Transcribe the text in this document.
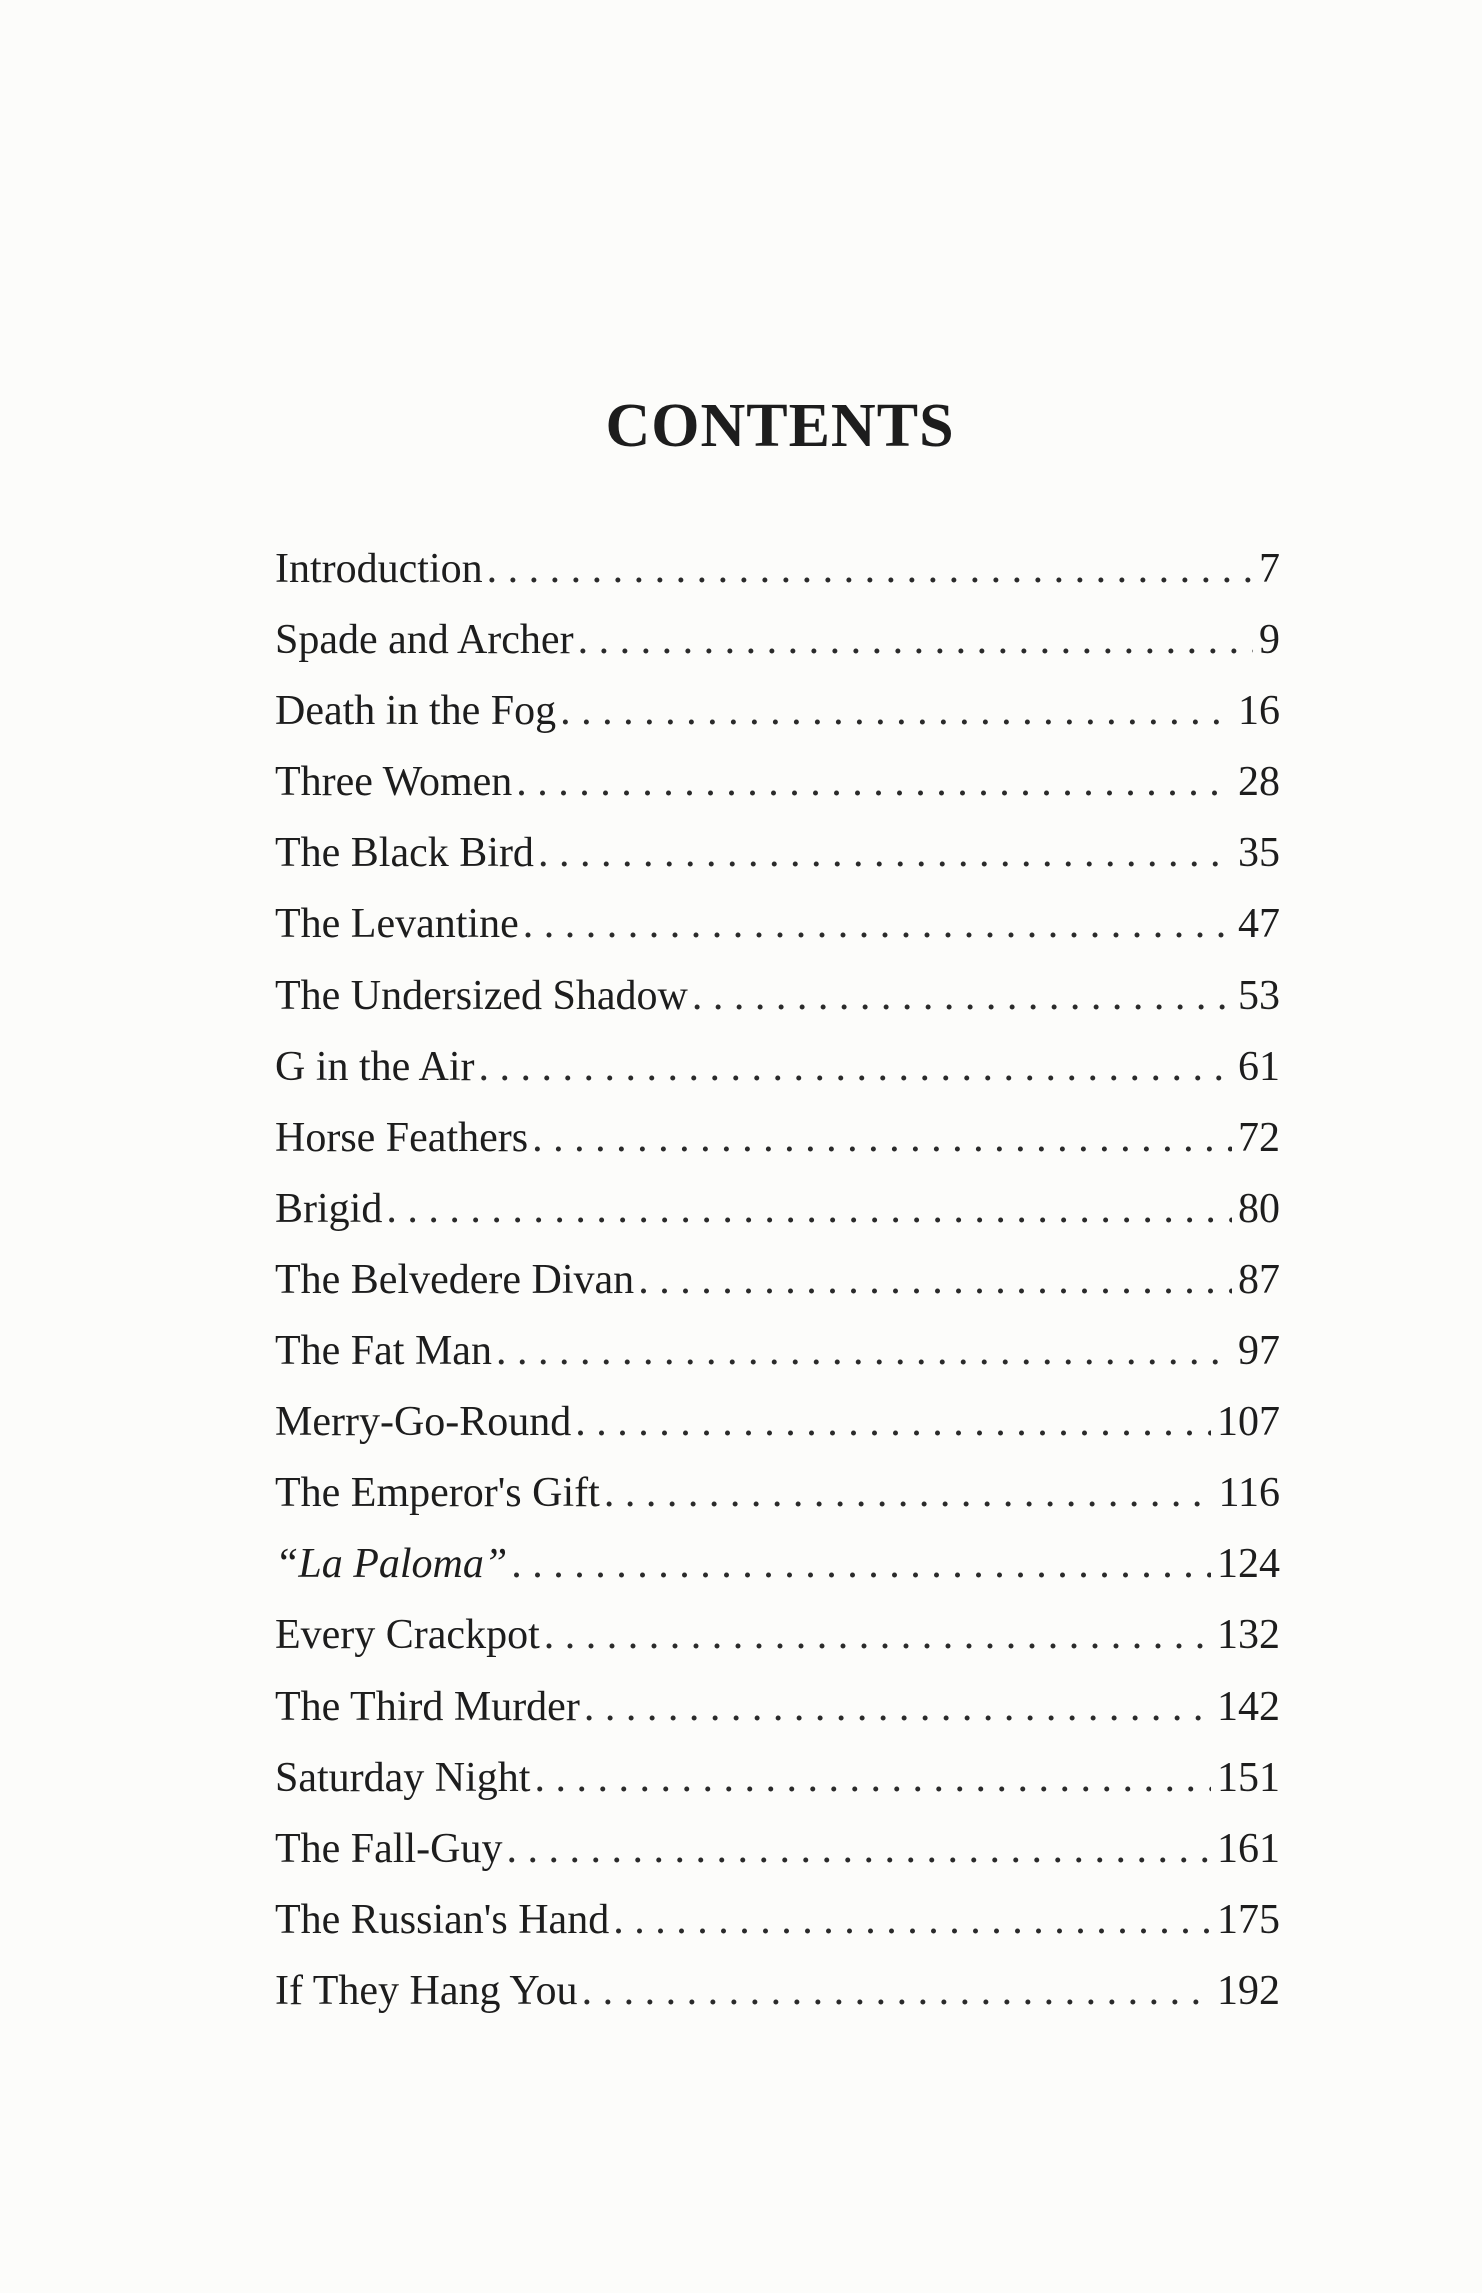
CONTENTS
Introduction . . .	7
Spade and Archer . . .	9
Death in the Fog . . .	16
Three Women . . .	28
The Black Bird . . .	35
The Levantine . . .	47
The Undersized Shadow . . .	53
G in the Air . . .	61
Horse Feathers . . .	72
Brigid . . .	80
The Belvedere Divan . . .	87
The Fat Man . . .	97
Merry-Go-Round . . .	107
The Emperor's Gift . . .	116
“La Paloma” . . .	124
Every Crackpot . . .	132
The Third Murder . . .	142
Saturday Night . . .	151
The Fall-Guy . . .	161
The Russian's Hand . . .	175
If They Hang You . . .	192
